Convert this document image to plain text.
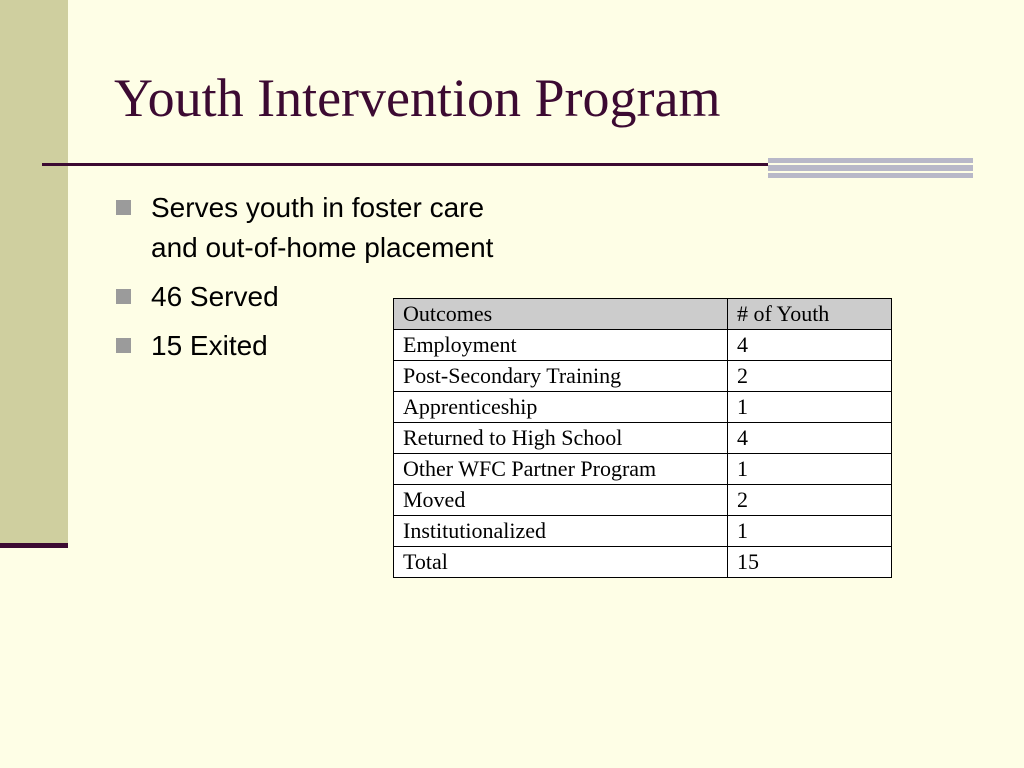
Youth Intervention Program
Serves youth in foster care and out-of-home placement
46 Served
15 Exited
Outcomes	# of Youth
Employment	4
Post-Secondary Training	2
Apprenticeship	1
Returned to High School	4
Other WFC Partner Program	1
Moved	2
Institutionalized	1
Total	15
